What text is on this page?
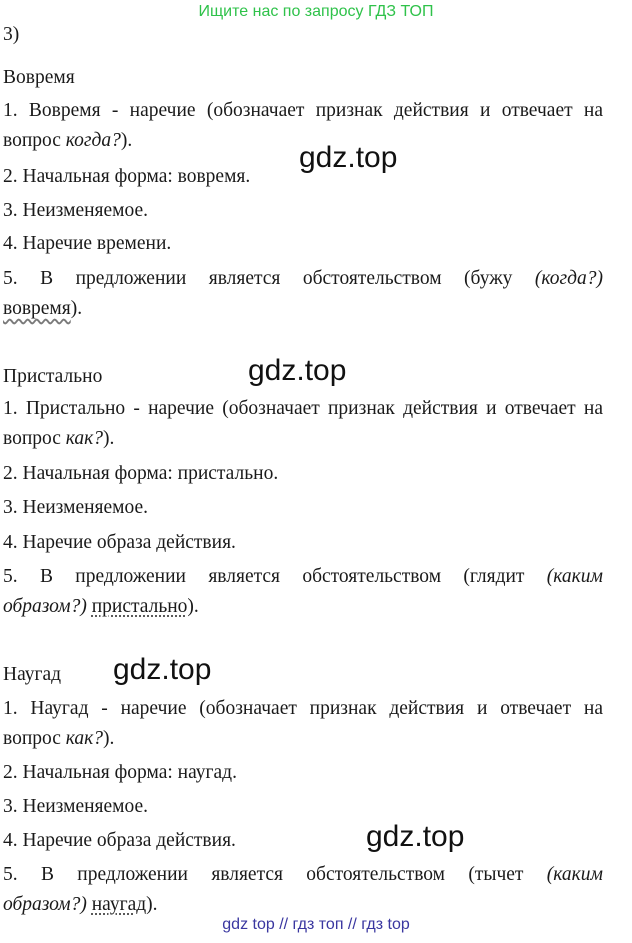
Ищите нас по запросу ГДЗ ТОП
3)
Вовремя
1. Вовремя - наречие (обозначает признак действия и отвечает на
вопрос когда?).
2. Начальная форма: вовремя.
3. Неизменяемое.
4. Наречие времени.
5. В предложении является обстоятельством (бужу (когда?)
вовремя).
Пристально
1. Пристально - наречие (обозначает признак действия и отвечает на
вопрос как?).
2. Начальная форма: пристально.
3. Неизменяемое.
4. Наречие образа действия.
5. В предложении является обстоятельством (глядит (каким
образом?) пристально).
Наугад
1. Наугад - наречие (обозначает признак действия и отвечает на
вопрос как?).
2. Начальная форма: наугад.
3. Неизменяемое.
4. Наречие образа действия.
5. В предложении является обстоятельством (тычет (каким
образом?) наугад).
gdz.top
gdz.top
gdz.top
gdz.top
gdz top // гдз топ // гдз top
